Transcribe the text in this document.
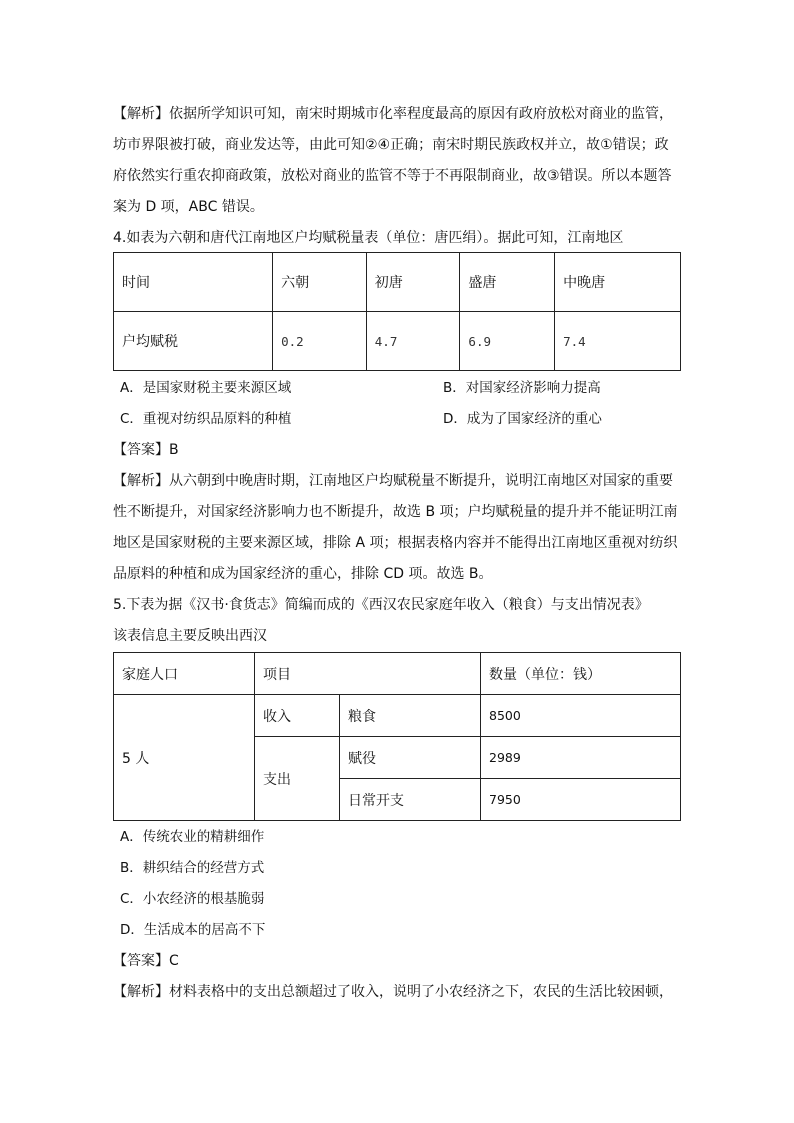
【解析】依据所学知识可知，南宋时期城市化率程度最高的原因有政府放松对商业的监管，
坊市界限被打破，商业发达等，由此可知②④正确；南宋时期民族政权并立，故①错误；政
府依然实行重农抑商政策，放松对商业的监管不等于不再限制商业，故③错误。所以本题答
案为 D 项，ABC 错误。
4.如表为六朝和唐代江南地区户均赋税量表（单位：唐匹绢）。据此可知，江南地区
时间	六朝	初唐	盛唐	中晚唐
户均赋税	0.2	4.7	6.9	7.4
A．是国家财税主要来源区域	B．对国家经济影响力提高
C．重视对纺织品原料的种植	D．成为了国家经济的重心
【答案】B
【解析】从六朝到中晚唐时期，江南地区户均赋税量不断提升，说明江南地区对国家的重要
性不断提升，对国家经济影响力也不断提升，故选 B 项；户均赋税量的提升并不能证明江南
地区是国家财税的主要来源区域，排除 A 项；根据表格内容并不能得出江南地区重视对纺织
品原料的种植和成为国家经济的重心，排除 CD 项。故选 B。
5.下表为据《汉书·食货志》简编而成的《西汉农民家庭年收入（粮食）与支出情况表》
该表信息主要反映出西汉
家庭人口	项目		数量（单位：钱）
5 人	收入	粮食	8500
	支出	赋役	2989
		日常开支	7950
A．传统农业的精耕细作
B．耕织结合的经营方式
C．小农经济的根基脆弱
D．生活成本的居高不下
【答案】C
【解析】材料表格中的支出总额超过了收入，说明了小农经济之下，农民的生活比较困顿，
